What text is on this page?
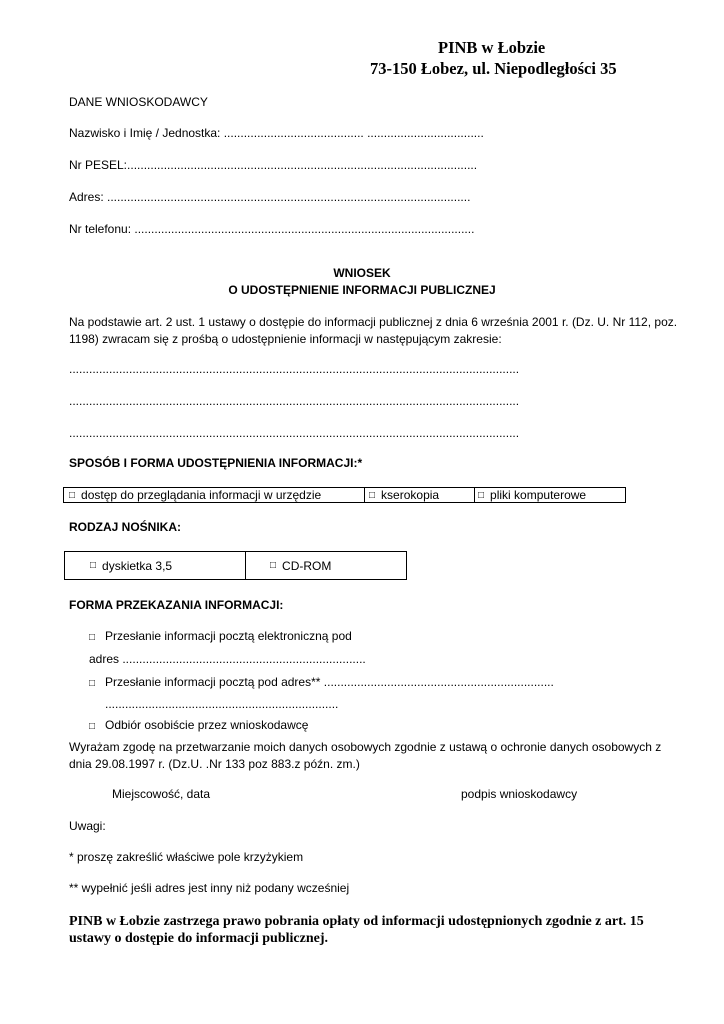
PINB w Łobzie
73-150 Łobez, ul. Niepodległości 35
DANE WNIOSKODAWCY
Nazwisko i Imię / Jednostka: .......................................... ...................................
Nr PESEL:.........................................................................................................
Adres: .............................................................................................................
Nr telefonu: ......................................................................................................
WNIOSEK
O UDOSTĘPNIENIE INFORMACJI PUBLICZNEJ
Na podstawie art. 2 ust. 1 ustawy o dostępie do informacji publicznej z dnia 6 września 2001 r. (Dz. U. Nr 112, poz. 1198) zwracam się z prośbą o udostępnienie informacji w następującym zakresie:
.......................................................................................................................................
.......................................................................................................................................
.......................................................................................................................................
SPOSÓB I FORMA UDOSTĘPNIENIA INFORMACJI:*
□ dostęp do przeglądania informacji w urzędzie	□ kserokopia	□ pliki komputerowe
RODZAJ NOŚNIKA:
□ dyskietka 3,5	□ CD-ROM
FORMA PRZEKAZANIA INFORMACJI:
□ Przesłanie informacji pocztą elektroniczną pod
adres .........................................................................
□ Przesłanie informacji pocztą pod adres** .....................................................................
......................................................................
□ Odbiór osobiście przez wnioskodawcę
Wyrażam zgodę na przetwarzanie moich danych osobowych zgodnie z ustawą o ochronie danych osobowych z dnia 29.08.1997 r. (Dz.U. .Nr 133 poz 883.z późn. zm.)
Miejscowość, data	podpis wnioskodawcy
Uwagi:
* proszę zakreślić właściwe pole krzyżykiem
** wypełnić jeśli adres jest inny niż podany wcześniej
PINB w Łobzie zastrzega prawo pobrania opłaty od informacji udostępnionych zgodnie z art. 15 ustawy o dostępie do informacji publicznej.
